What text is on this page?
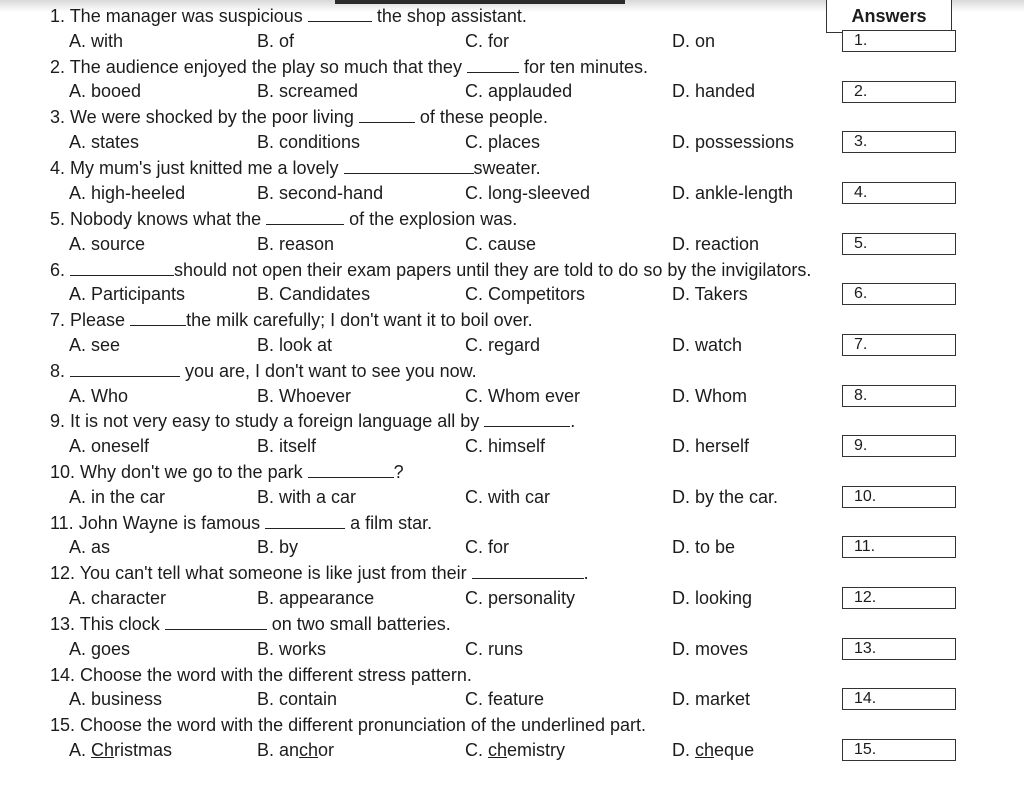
Answers
1. The manager was suspicious	the shop assistant.
A. with	B. of	C. for	D. on	1.
2. The audience enjoyed the play so much that they	for ten minutes.
A. booed	B. screamed	C. applauded	D. handed	2.
3. We were shocked by the poor living	of these people.
A. states	B. conditions	C. places	D. possessions	3.
4. My mum's just knitted me a lovely	sweater.
A. high-heeled	B. second-hand	C. long-sleeved	D. ankle-length	4.
5. Nobody knows what the	of the explosion was.
A. source	B. reason	C. cause	D. reaction	5.
6.	should not open their exam papers until they are told to do so by the invigilators.
A. Participants	B. Candidates	C. Competitors	D. Takers	6.
7. Please	the milk carefully; I don't want it to boil over.
A. see	B. look at	C. regard	D. watch	7.
8.	you are, I don't want to see you now.
A. Who	B. Whoever	C. Whom ever	D. Whom	8.
9. It is not very easy to study a foreign language all by	.
A. oneself	B. itself	C. himself	D. herself	9.
10. Why don't we go to the park	?
A. in the car	B. with a car	C. with car	D. by the car.	10.
11. John Wayne is famous	a film star.
A. as	B. by	C. for	D. to be	11.
12. You can't tell what someone is like just from their	.
A. character	B. appearance	C. personality	D. looking	12.
13. This clock	on two small batteries.
A. goes	B. works	C. runs	D. moves	13.
14. Choose the word with the different stress pattern.
A. business	B. contain	C. feature	D. market	14.
15. Choose the word with the different pronunciation of the underlined part.
A. Christmas	B. anchor	C. chemistry	D. cheque	15.
